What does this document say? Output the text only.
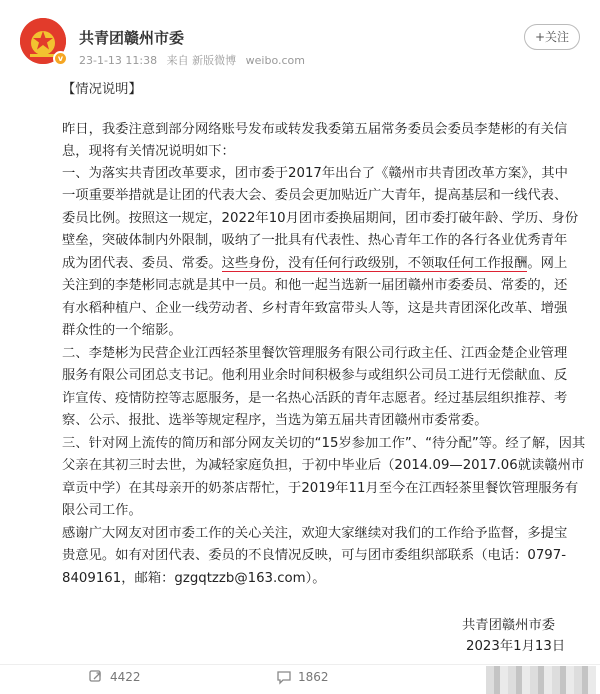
v
共青团赣州市委
23-1-13 11:38 来自 新版微博 weibo.com
+关注
【情况说明】
昨日，我委注意到部分网络账号发布或转发我委第五届常务委员会委员李楚彬的有关信
息，现将有关情况说明如下：
一、为落实共青团改革要求，团市委于2017年出台了《赣州市共青团改革方案》，其中
一项重要举措就是让团的代表大会、委员会更加贴近广大青年，提高基层和一线代表、
委员比例。按照这一规定，2022年10月团市委换届期间，团市委打破年龄、学历、身份
壁垒，突破体制内外限制，吸纳了一批具有代表性、热心青年工作的各行各业优秀青年
成为团代表、委员、常委。这些身份，没有任何行政级别，不领取任何工作报酬。网上
关注到的李楚彬同志就是其中一员。和他一起当选新一届团赣州市委委员、常委的，还
有水稻种植户、企业一线劳动者、乡村青年致富带头人等，这是共青团深化改革、增强
群众性的一个缩影。
二、李楚彬为民营企业江西轻茶里餐饮管理服务有限公司行政主任、江西金楚企业管理
服务有限公司团总支书记。他利用业余时间积极参与或组织公司员工进行无偿献血、反
诈宣传、疫情防控等志愿服务，是一名热心活跃的青年志愿者。经过基层组织推荐、考
察、公示、报批、选举等规定程序，当选为第五届共青团赣州市委常委。
三、针对网上流传的简历和部分网友关切的“15岁参加工作”、“待分配”等。经了解，因其
父亲在其初三时去世，为减轻家庭负担，于初中毕业后（2014.09—2017.06就读赣州市
章贡中学）在其母亲开的奶茶店帮忙，于2019年11月至今在江西轻茶里餐饮管理服务有
限公司工作。
感谢广大网友对团市委工作的关心关注，欢迎大家继续对我们的工作给予监督，多提宝
贵意见。如有对团代表、委员的不良情况反映，可与团市委组织部联系（电话：0797-
8409161，邮箱：gzgqtzzb@163.com）。
共青团赣州市委
2023年1月13日
4422	1862
